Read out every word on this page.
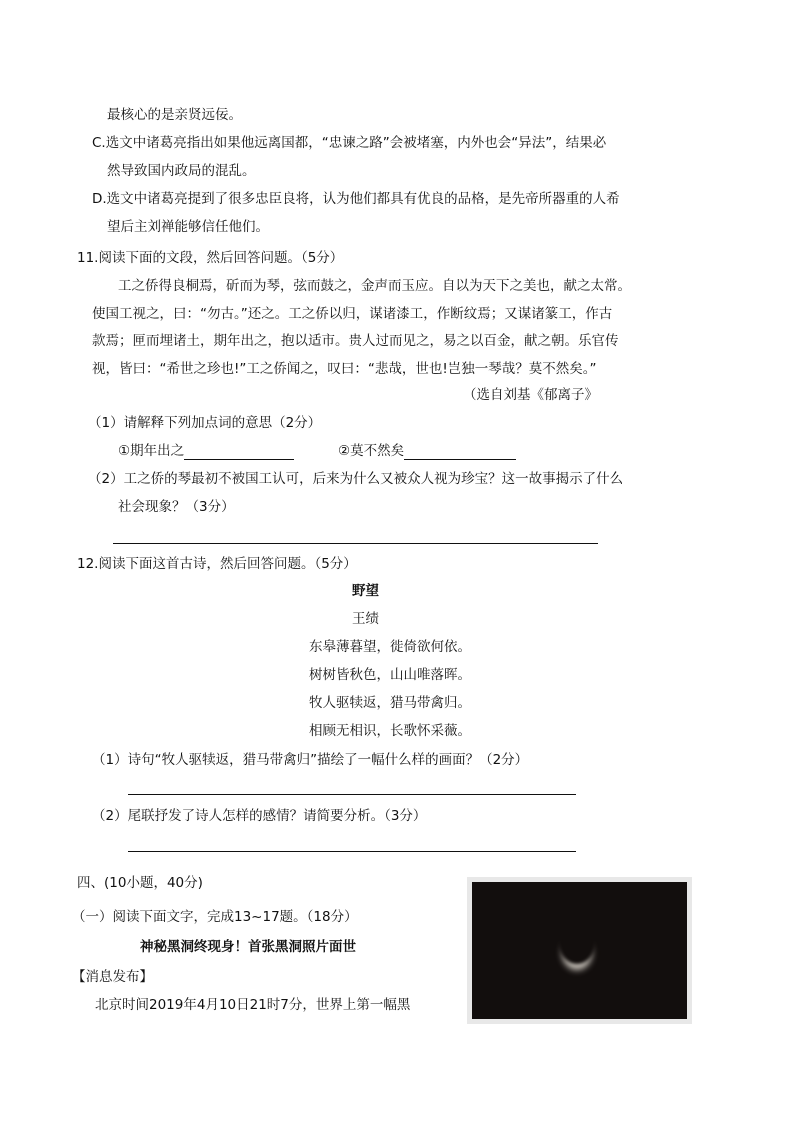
最核心的是亲贤远佞。
C.选文中诸葛亮指出如果他远离国都，“忠谏之路”会被堵塞，内外也会“异法”，结果必
然导致国内政局的混乱。
D.选文中诸葛亮提到了很多忠臣良将，认为他们都具有优良的品格，是先帝所器重的人希
望后主刘禅能够信任他们。
11.阅读下面的文段，然后回答问题。（5分）
工之侨得良桐焉，斫而为琴，弦而鼓之，金声而玉应。自以为天下之美也，献之太常。
使国工视之，曰：“勿古。”还之。工之侨以归，谋诸漆工，作断纹焉；又谋诸篆工，作古
款焉；匣而埋诸土，期年出之，抱以适市。贵人过而见之，易之以百金，献之朝。乐官传
视，皆曰：“希世之珍也!”工之侨闻之，叹曰：“悲哉，世也!岂独一琴哉？莫不然矣。”
（选自刘基《郁离子》
（1）请解释下列加点词的意思（2分）
①期年出之	②莫不然矣
（2）工之侨的琴最初不被国工认可，后来为什么又被众人视为珍宝？这一故事揭示了什么
社会现象？（3分）
12.阅读下面这首古诗，然后回答问题。（5分）
野望
王绩
东皋薄暮望，徙倚欲何依。
树树皆秋色，山山唯落晖。
牧人驱犊返，猎马带禽归。
相顾无相识，长歌怀采薇。
（1）诗句“牧人驱犊返，猎马带禽归”描绘了一幅什么样的画面？（2分）
（2）尾联抒发了诗人怎样的感情？请简要分析。（3分）
四、(10小题，40分)
（一）阅读下面文字，完成13~17题。（18分）
神秘黑洞终现身！首张黑洞照片面世
【消息发布】
北京时间2019年4月10日21时7分，世界上第一幅黑
